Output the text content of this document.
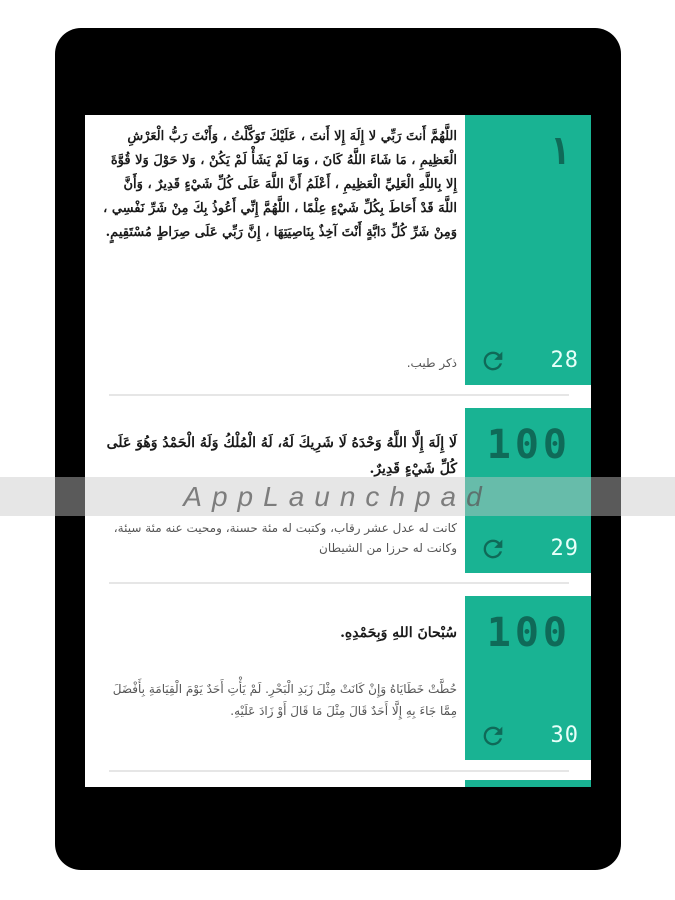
١
28
اللَّهُمَّ أَنتَ رَبِّي لا إِلَهَ إِلا أَنتَ ، عَلَيْكَ تَوَكَّلْتُ ، وَأَنْتَ رَبُّ الْعَرْشِ الْعَظِيمِ ، مَا شَاءَ اللَّهُ كَانَ ، وَمَا لَمْ يَشَأْ لَمْ يَكُنْ ، وَلا حَوْلَ وَلا قُوَّةَ إِلا بِاللَّهِ الْعَلِيِّ الْعَظِيمِ ، أَعْلَمُ أَنَّ اللَّهَ عَلَى كُلِّ شَيْءٍ قَدِيرٌ ، وَأَنَّ اللَّهَ قَدْ أَحَاطَ بِكُلِّ شَيْءٍ عِلْمًا ، اللَّهُمَّ إِنِّي أَعُوذُ بِكَ مِنْ شَرِّ نَفْسِي ، وَمِنْ شَرِّ كُلِّ دَابَّةٍ أَنْتَ آخِذٌ بِنَاصِيَتِهَا ، إِنَّ رَبِّي عَلَى صِرَاطٍ مُسْتَقِيمٍ.
ذكر طيب.
100
29
لَا إِلَهَ إِلَّا اللَّهُ وَحْدَهُ لَا شَرِيكَ لَهُ، لَهُ الْمُلْكُ وَلَهُ الْحَمْدُ وَهُوَ عَلَى كُلِّ شَيْءٍ قَدِيرٌ.
كانت له عدل عشر رقاب، وكتبت له مئة حسنة، ومحيت عنه مئة سيئة، وكانت له حرزا من الشيطان
100
30
سُبْحانَ اللهِ وَبِحَمْدِهِ.
حُطَّتْ خَطَايَاهُ وَإِنْ كَانَتْ مِثْلَ زَبَدِ الْبَحْرِ. لَمْ يَأْتِ أَحَدٌ يَوْمَ الْقِيَامَةِ بِأَفْضَلَ مِمَّا جَاءَ بِهِ إِلَّا أَحَدٌ قَالَ مِثْلَ مَا قَالَ أَوْ زَادَ عَلَيْهِ.
AppLaunchpad
